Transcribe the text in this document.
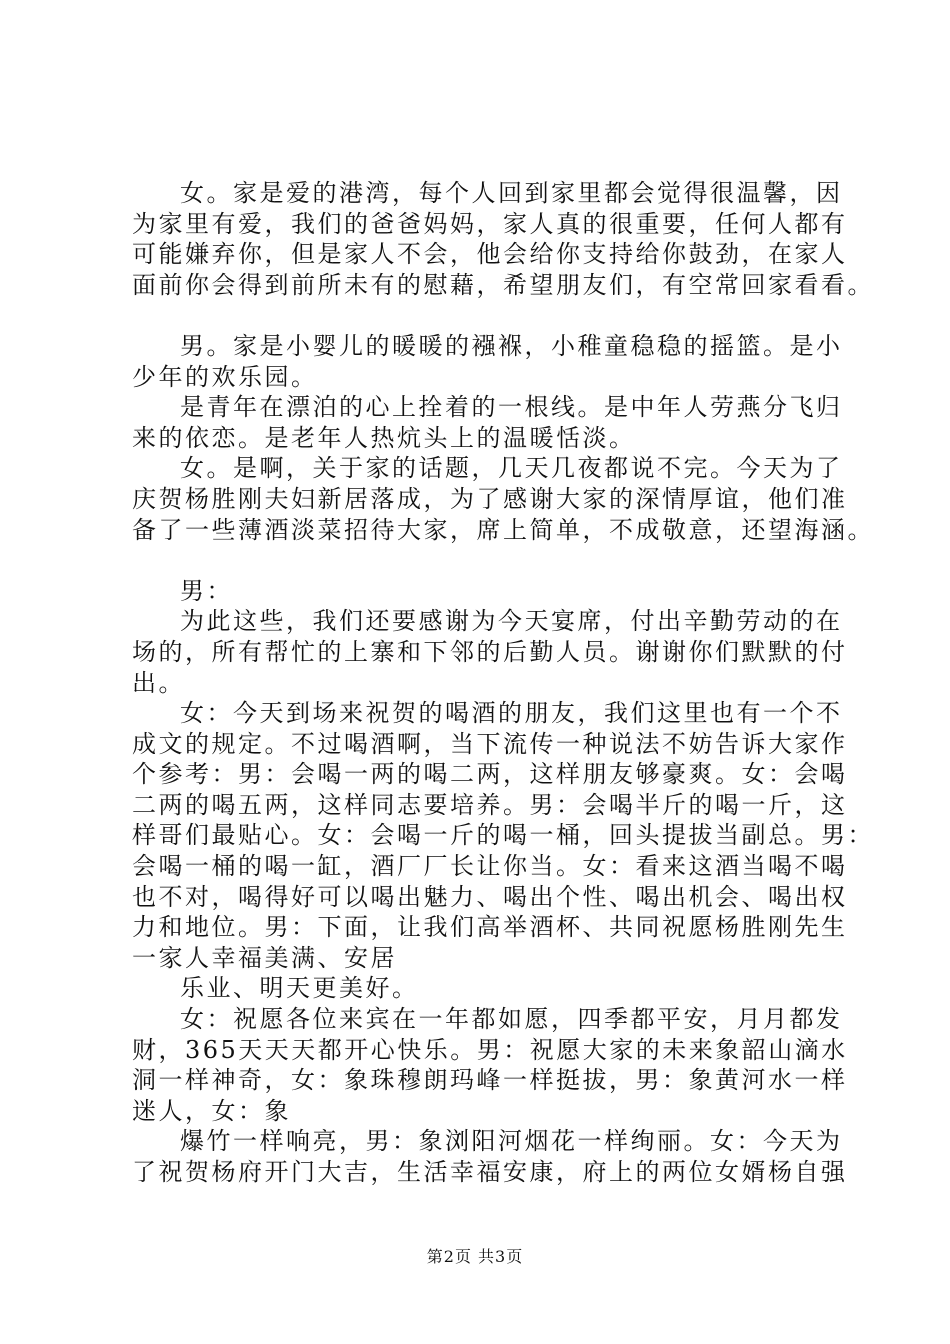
女。家是爱的港湾，每个人回到家里都会觉得很温馨，因
为家里有爱，我们的爸爸妈妈，家人真的很重要，任何人都有
可能嫌弃你，但是家人不会，他会给你支持给你鼓劲，在家人
面前你会得到前所未有的慰藉，希望朋友们，有空常回家看看。
男。家是小婴儿的暖暖的襁褓，小稚童稳稳的摇篮。是小
少年的欢乐园。
是青年在漂泊的心上拴着的一根线。是中年人劳燕分飞归
来的依恋。是老年人热炕头上的温暖恬淡。
女。是啊，关于家的话题，几天几夜都说不完。今天为了
庆贺杨胜刚夫妇新居落成，为了感谢大家的深情厚谊，他们准
备了一些薄酒淡菜招待大家，席上简单，不成敬意，还望海涵。
男：
为此这些，我们还要感谢为今天宴席，付出辛勤劳动的在
场的，所有帮忙的上寨和下邻的后勤人员。谢谢你们默默的付
出。
女：今天到场来祝贺的喝酒的朋友，我们这里也有一个不
成文的规定。不过喝酒啊，当下流传一种说法不妨告诉大家作
个参考：男：会喝一两的喝二两，这样朋友够豪爽。女：会喝
二两的喝五两，这样同志要培养。男：会喝半斤的喝一斤，这
样哥们最贴心。女：会喝一斤的喝一桶，回头提拔当副总。男：
会喝一桶的喝一缸，酒厂厂长让你当。女：看来这酒当喝不喝
也不对，喝得好可以喝出魅力、喝出个性、喝出机会、喝出权
力和地位。男：下面，让我们高举酒杯、共同祝愿杨胜刚先生
一家人幸福美满、安居
乐业、明天更美好。
女：祝愿各位来宾在一年都如愿，四季都平安，月月都发
财，365天天天都开心快乐。男：祝愿大家的未来象韶山滴水
洞一样神奇，女：象珠穆朗玛峰一样挺拔，男：象黄河水一样
迷人，女：象
爆竹一样响亮，男：象浏阳河烟花一样绚丽。女：今天为
了祝贺杨府开门大吉，生活幸福安康，府上的两位女婿杨自强
第2页 共3页
